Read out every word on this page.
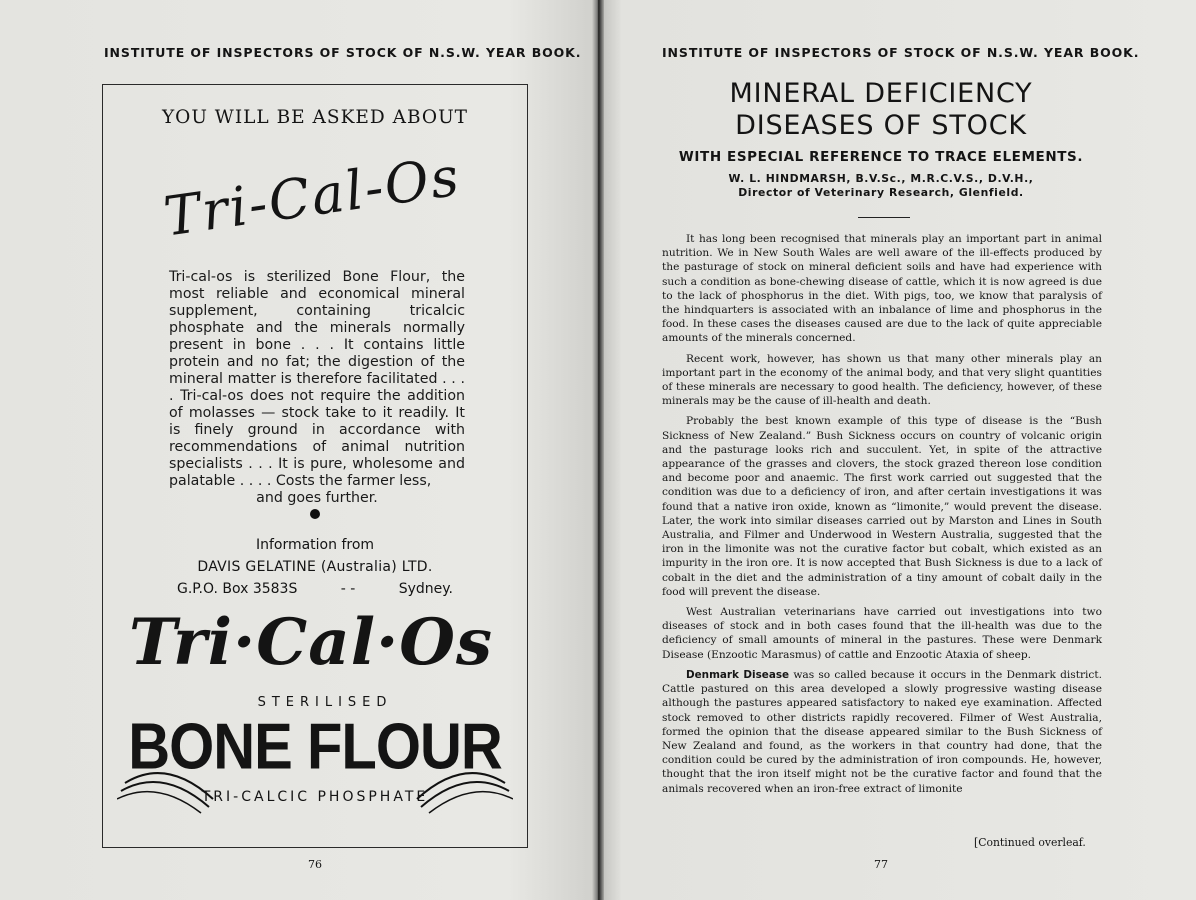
INSTITUTE OF INSPECTORS OF STOCK OF N.S.W. YEAR BOOK.
YOU WILL BE ASKED ABOUT
Tri-Cal-Os

Tri-cal-os is sterilized Bone Flour, the most reliable and economical mineral supplement, containing tricalcic phosphate and the minerals normally present in bone . . . It contains little protein and no fat; the digestion of the mineral matter is therefore facilitated . . . . Tri-cal-os does not require the addition of molasses — stock take to it readily. It is finely ground in accordance with recommendations of animal nutrition specialists . . . It is pure, wholesome and palatable . . . . Costs the farmer less,

and goes further.

Information from
DAVIS GELATINE (Australia) LTD.
G.P.O. Box 3583S	- -	Sydney.
Tri·Cal·Os
STERILISED
BONE FLOUR
TRI-CALCIC PHOSPHATE
76
INSTITUTE OF INSPECTORS OF STOCK OF N.S.W. YEAR BOOK.
MINERAL DEFICIENCY
DISEASES OF STOCK
WITH ESPECIAL REFERENCE TO TRACE ELEMENTS.
W. L. HINDMARSH, B.V.Sc., M.R.C.V.S., D.V.H.,
Director of Veterinary Research, Glenfield.

It has long been recognised that minerals play an important part in animal nutrition. We in New South Wales are well aware of the ill-effects produced by the pasturage of stock on mineral deficient soils and have had experience with such a condition as bone-chewing disease of cattle, which it is now agreed is due to the lack of phosphorus in the diet. With pigs, too, we know that paralysis of the hindquarters is associated with an inbalance of lime and phosphorus in the food. In these cases the diseases caused are due to the lack of quite appreciable amounts of the minerals concerned.

Recent work, however, has shown us that many other minerals play an important part in the economy of the animal body, and that very slight quantities of these minerals are necessary to good health. The deficiency, however, of these minerals may be the cause of ill-health and death.

Probably the best known example of this type of disease is the “Bush Sickness of New Zealand.” Bush Sickness occurs on country of volcanic origin and the pasturage looks rich and succulent. Yet, in spite of the attractive appearance of the grasses and clovers, the stock grazed thereon lose condition and become poor and anaemic. The first work carried out suggested that the condition was due to a deficiency of iron, and after certain investigations it was found that a native iron oxide, known as “limonite,” would prevent the disease. Later, the work into similar diseases carried out by Marston and Lines in South Australia, and Filmer and Underwood in Western Australia, suggested that the iron in the limonite was not the curative factor but cobalt, which existed as an impurity in the iron ore. It is now accepted that Bush Sickness is due to a lack of cobalt in the diet and the administration of a tiny amount of cobalt daily in the food will prevent the disease.

West Australian veterinarians have carried out investigations into two diseases of stock and in both cases found that the ill-health was due to the deficiency of small amounts of mineral in the pastures. These were Denmark Disease (Enzootic Marasmus) of cattle and Enzootic Ataxia of sheep.

Denmark Disease was so called because it occurs in the Denmark district. Cattle pastured on this area developed a slowly progressive wasting disease although the pastures appeared satisfactory to naked eye examination. Affected stock removed to other districts rapidly recovered. Filmer of West Australia, formed the opinion that the disease appeared similar to the Bush Sickness of New Zealand and found, as the workers in that country had done, that the condition could be cured by the administration of iron compounds. He, however, thought that the iron itself might not be the curative factor and found that the animals recovered when an iron-free extract of limonite

[Continued overleaf.
77
